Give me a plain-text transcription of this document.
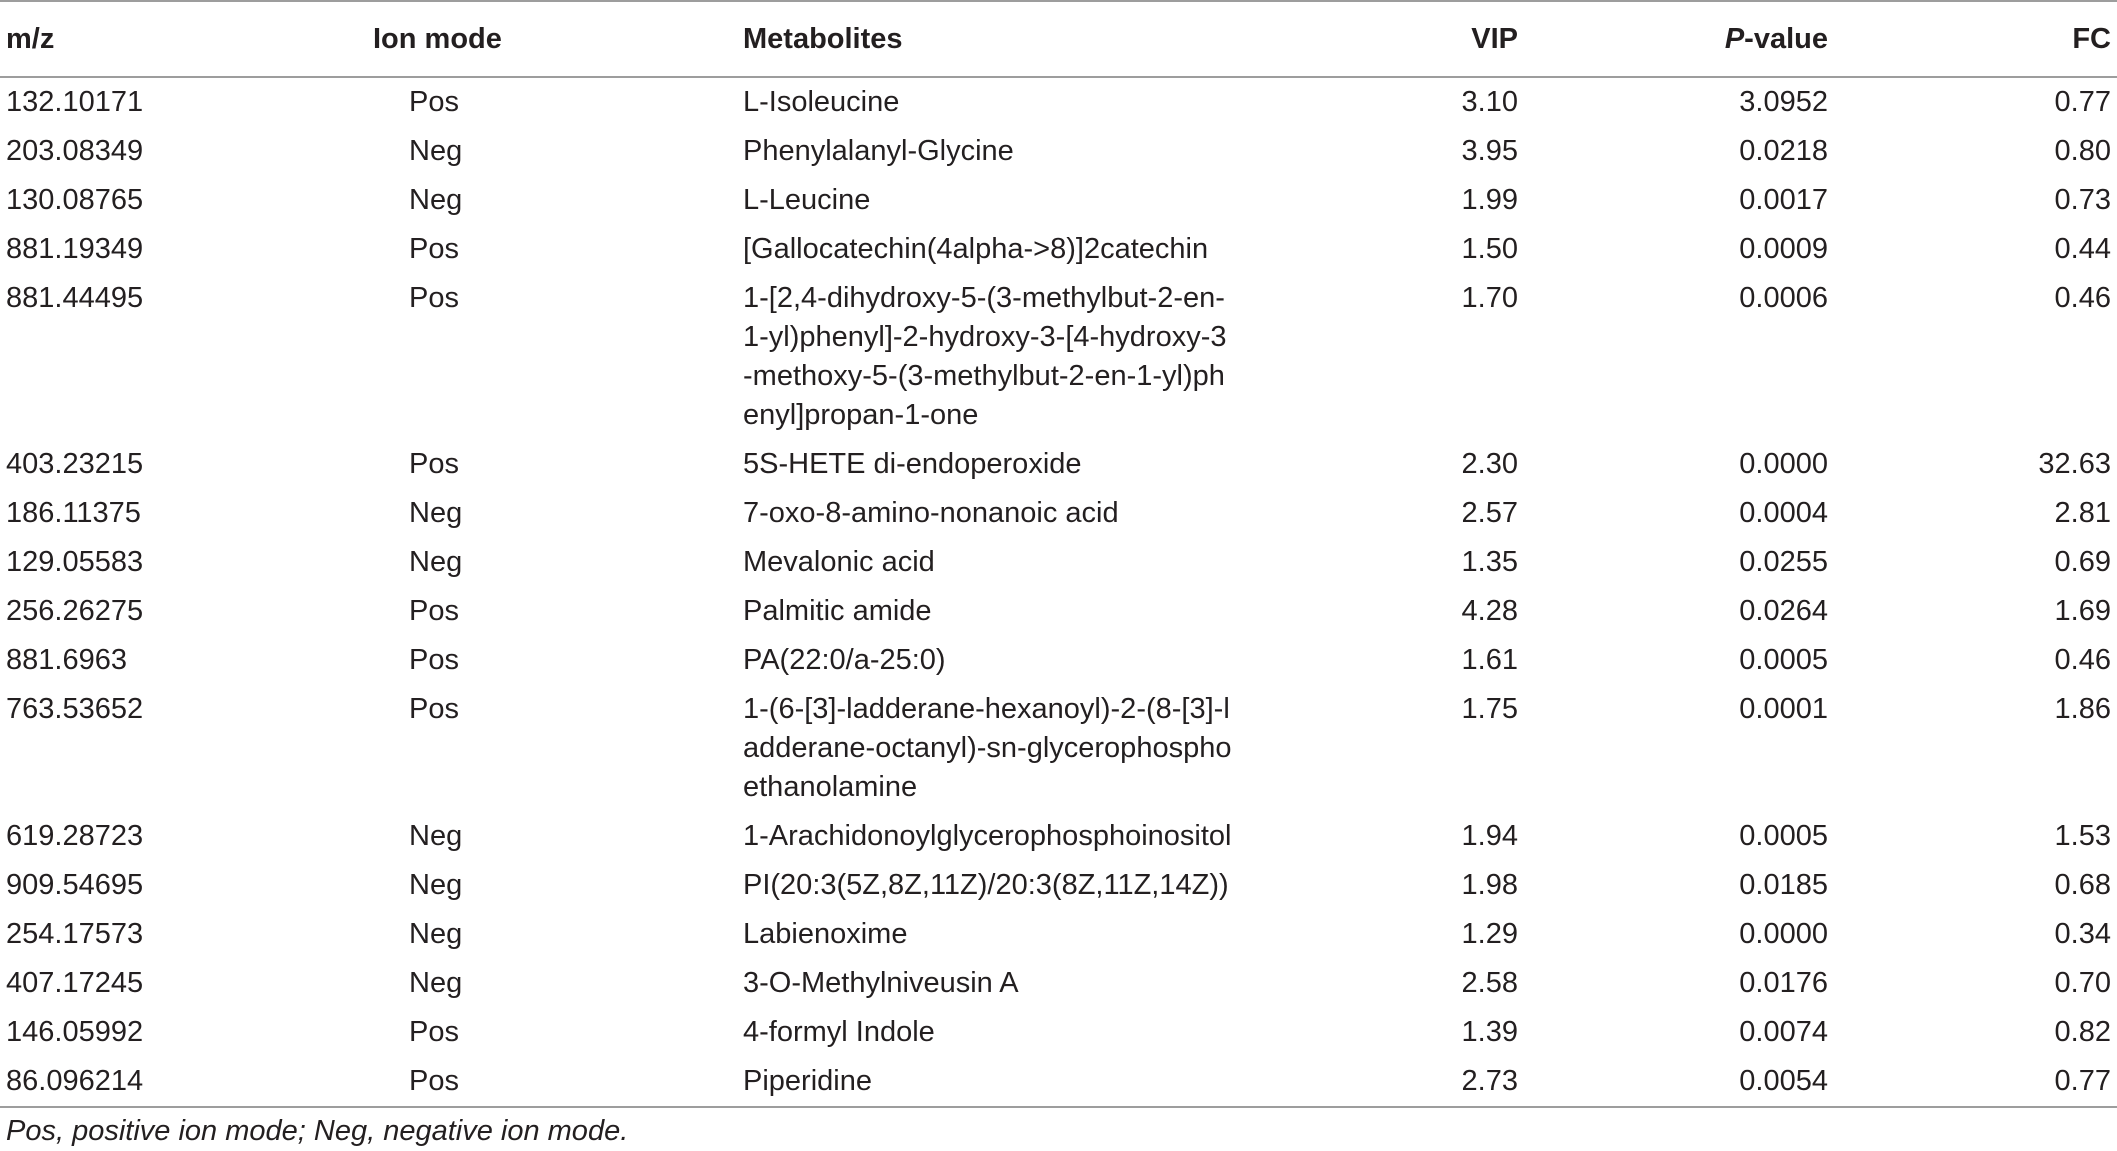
m/z	Ion mode	Metabolites	VIP	P-value	FC
132.10171	Pos	L-Isoleucine	3.10	3.0952	0.77
203.08349	Neg	Phenylalanyl-Glycine	3.95	0.0218	0.80
130.08765	Neg	L-Leucine	1.99	0.0017	0.73
881.19349	Pos	[Gallocatechin(4alpha->8)]2catechin	1.50	0.0009	0.44
881.44495	Pos	1-[2,4-dihydroxy-5-(3-methylbut-2-en-1-yl)phenyl]-2-hydroxy-3-[4-hydroxy-3-methoxy-5-(3-methylbut-2-en-1-yl)phenyl]propan-1-one	1.70	0.0006	0.46
403.23215	Pos	5S-HETE di-endoperoxide	2.30	0.0000	32.63
186.11375	Neg	7-oxo-8-amino-nonanoic acid	2.57	0.0004	2.81
129.05583	Neg	Mevalonic acid	1.35	0.0255	0.69
256.26275	Pos	Palmitic amide	4.28	0.0264	1.69
881.6963	Pos	PA(22:0/a-25:0)	1.61	0.0005	0.46
763.53652	Pos	1-(6-[3]-ladderane-hexanoyl)-2-(8-[3]-ladderane-octanyl)-sn-glycerophosphoethanolamine	1.75	0.0001	1.86
619.28723	Neg	1-Arachidonoylglycerophosphoinositol	1.94	0.0005	1.53
909.54695	Neg	PI(20:3(5Z,8Z,11Z)/20:3(8Z,11Z,14Z))	1.98	0.0185	0.68
254.17573	Neg	Labienoxime	1.29	0.0000	0.34
407.17245	Neg	3-O-Methylniveusin A	2.58	0.0176	0.70
146.05992	Pos	4-formyl Indole	1.39	0.0074	0.82
86.096214	Pos	Piperidine	2.73	0.0054	0.77
Pos, positive ion mode; Neg, negative ion mode.
